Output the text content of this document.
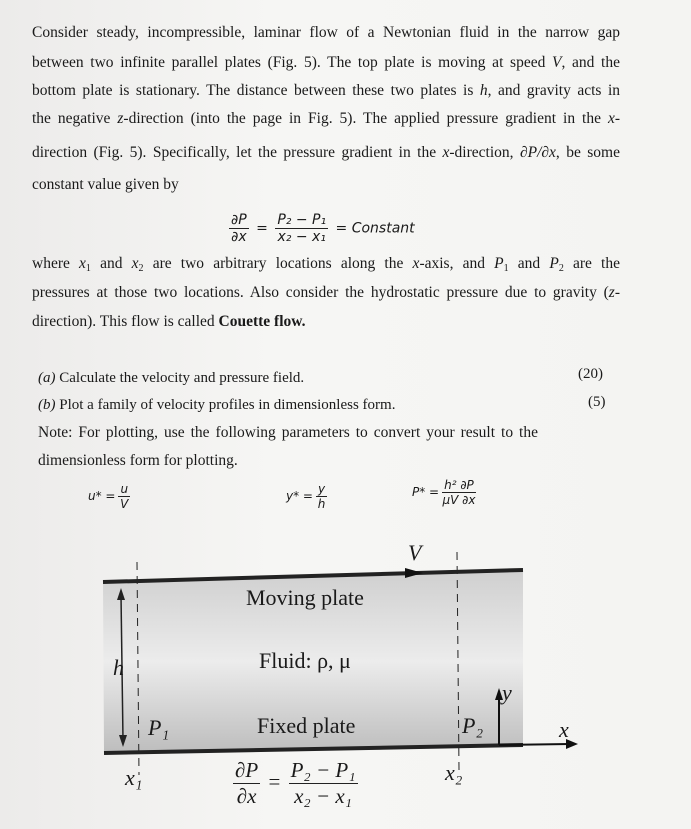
Consider steady, incompressible, laminar flow of a Newtonian fluid in the narrow gap
between two infinite parallel plates (Fig. 5). The top plate is moving at speed V, and the
bottom plate is stationary. The distance between these two plates is h, and gravity acts in
the negative z-direction (into the page in Fig. 5). The applied pressure gradient in the x-
direction (Fig. 5). Specifically, let the pressure gradient in the x-direction, ∂P/∂x, be some
constant value given by
$\frac{\partial P}{\partial x} = \frac{\text{P₂ − P₁}}{\text{x₂ − x₁}}$ = Constant
where $x_1$ and $x_2$ are two arbitrary locations along the x-axis, and $P_1$ and $P_2$ are the
pressures at those two locations. Also consider the hydrostatic pressure due to gravity (z-
direction). This flow is called Couette flow.
(a) Calculate the velocity and pressure field.	(20)
(b) Plot a family of velocity profiles in dimensionless form.	(5)
Note: For plotting, use the following parameters to convert your result to the
dimensionless form for plotting.
$u* = \frac{u}{V}$	$y* = \frac{y}{h}$	$P* = \frac{\text{h² ∂P}}{\mu V \partial x}$
V
Moving plate
Fluid: ρ, μ
Fixed plate
h
P₁	P₂
x₁	x₂
x
y
$\frac{\partial P}{\partial x} = \frac{\text{P₂ − P₁}}{\text{x₂ − x₁}}$
